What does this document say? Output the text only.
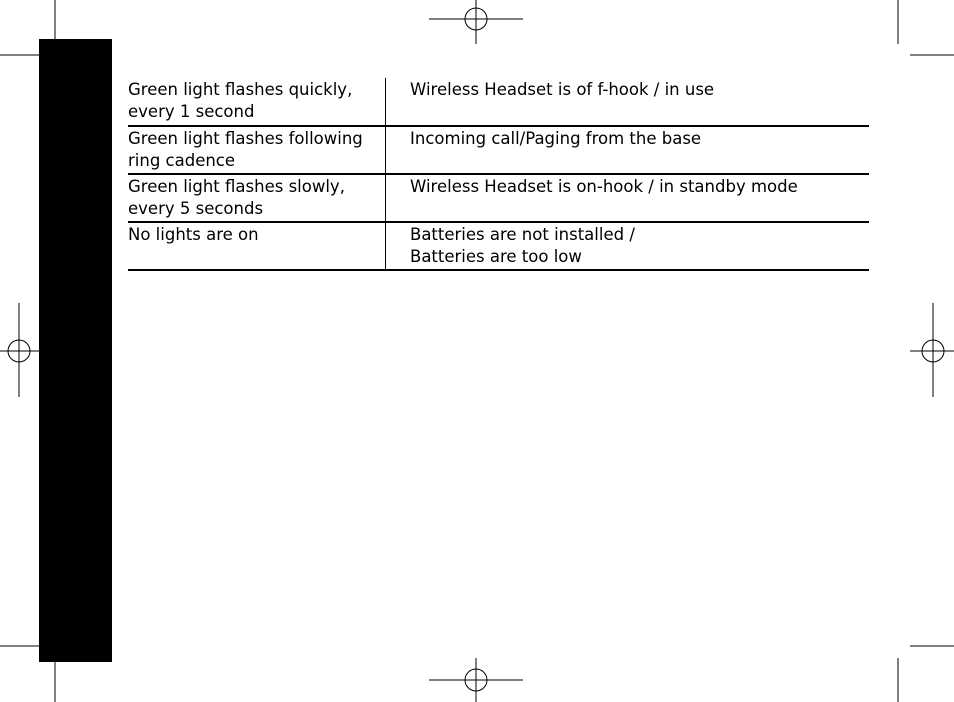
Green light flashes quickly,
every 1 second	Wireless Headset is of f-hook / in use

Green light flashes following
ring cadence	Incoming call/Paging from the base

Green light flashes slowly,
every 5 seconds	Wireless Headset is on-hook / in standby mode

No lights are on	Batteries are not installed /
Batteries are too low
